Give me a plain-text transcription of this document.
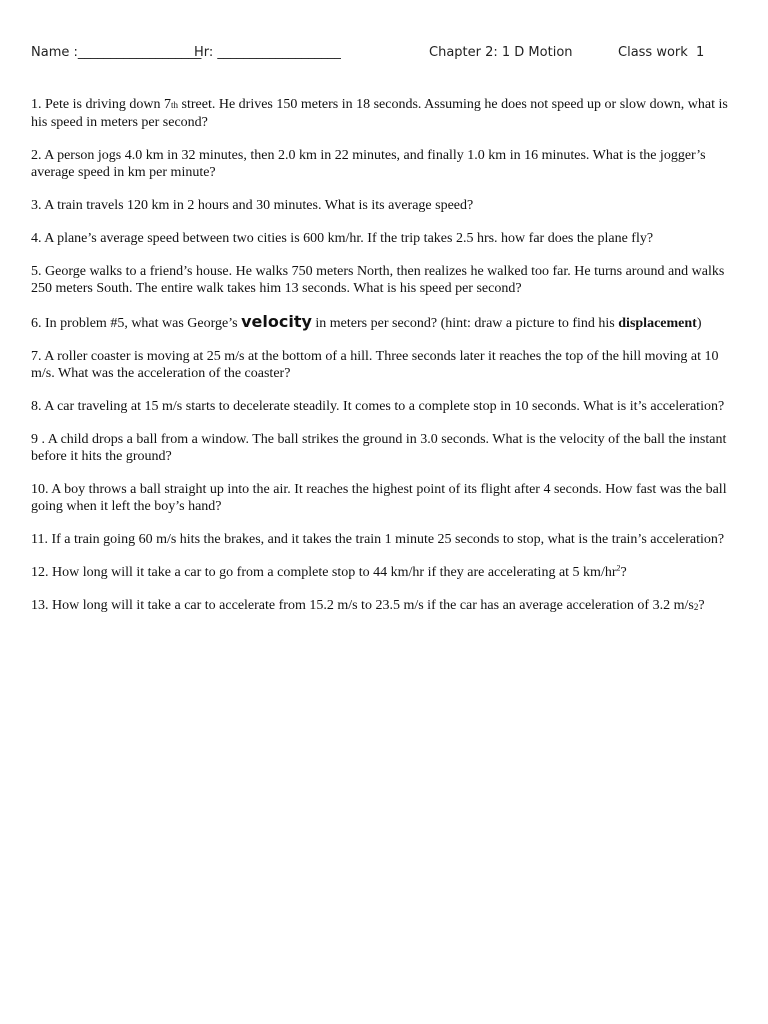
Name :___________________
Hr: ___________________	Chapter 2: 1 D Motion	Class work  1

1. Pete is driving down 7th street. He drives 150 meters in 18 seconds. Assuming he does not speed up or slow down, what is his speed in meters per second?

2. A person jogs 4.0 km in 32 minutes, then 2.0 km in 22 minutes, and finally 1.0 km in 16 minutes. What is the jogger’s average speed in km per minute?

3. A train travels 120 km in 2 hours and 30 minutes. What is its average speed?

4. A plane’s average speed between two cities is 600 km/hr. If the trip takes 2.5 hrs. how far does the plane fly?

5. George walks to a friend’s house. He walks 750 meters North, then realizes he walked too far. He turns around and walks 250 meters South. The entire walk takes him 13 seconds. What is his speed per second?

6. In problem #5, what was George’s velocity in meters per second? (hint: draw a picture to find his displacement)

7. A roller coaster is moving at 25 m/s at the bottom of a hill. Three seconds later it reaches the top of the hill moving at 10 m/s. What was the acceleration of the coaster?

8. A car traveling at 15 m/s starts to decelerate steadily. It comes to a complete stop in 10 seconds. What is it’s acceleration?

9 . A child drops a ball from a window. The ball strikes the ground in 3.0 seconds. What is the velocity of the ball the instant before it hits the ground?

10. A boy throws a ball straight up into the air. It reaches the highest point of its flight after 4 seconds. How fast was the ball going when it left the boy’s hand?

11. If a train going 60 m/s hits the brakes, and it takes the train 1 minute 25 seconds to stop, what is the train’s acceleration?

12. How long will it take a car to go from a complete stop to 44 km/hr if they are accelerating at 5 $km/hr^2$?

13. How long will it take a car to accelerate from 15.2 m/s to 23.5 m/s if the car has an average acceleration of 3.2 m/s2?
